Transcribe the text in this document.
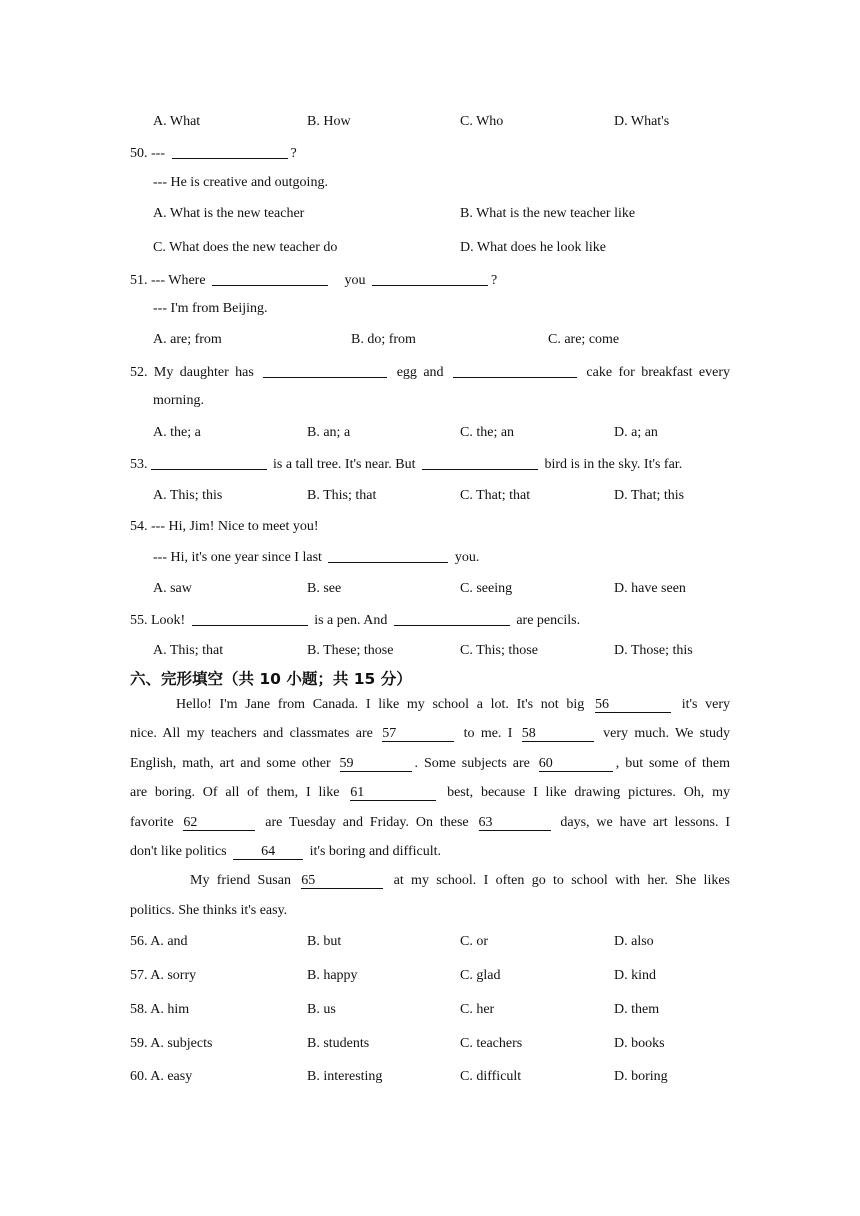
A. What	B. How	C. Who	D. What's
50. ---	?
--- He is creative and outgoing.
A. What is the new teacher	B. What is the new teacher like
C. What does the new teacher do	D. What does he look like
51. --- Where	you	?
--- I'm from Beijing.
A. are; from	B. do; from	C. are; come
52. My daughter has	egg and	cake for breakfast every
morning.
A. the; a	B. an; a	C. the; an	D. a; an
53.	is a tall tree. It's near. But	bird is in the sky. It's far.
A. This; this	B. This; that	C. That; that	D. That; this
54. --- Hi, Jim! Nice to meet you!
--- Hi, it's one year since I last	you.
A. saw	B. see	C. seeing	D. have seen
55. Look!	is a pen. And	are pencils.
A. This; that	B. These; those	C. This; those	D. Those; this
六、完形填空（共 10 小题；共 15 分）
Hello! I'm Jane from Canada. I like my school a lot. It's not big 56	it's very
nice. All my teachers and classmates are 57	to me. I 58	very much. We study
English, math, art and some other 59	. Some subjects are 60	, but some of them
are boring. Of all of them, I like 61	best, because I like drawing pictures. Oh, my
favorite 62	are Tuesday and Friday. On these 63	days, we have art lessons. I
don't like politics 64 it's boring and difficult.
My friend Susan 65	at my school. I often go to school with her. She likes
politics. She thinks it's easy.
56. A. and	B. but	C. or	D. also
57. A. sorry	B. happy	C. glad	D. kind
58. A. him	B. us	C. her	D. them
59. A. subjects	B. students	C. teachers	D. books
60. A. easy	B. interesting	C. difficult	D. boring
